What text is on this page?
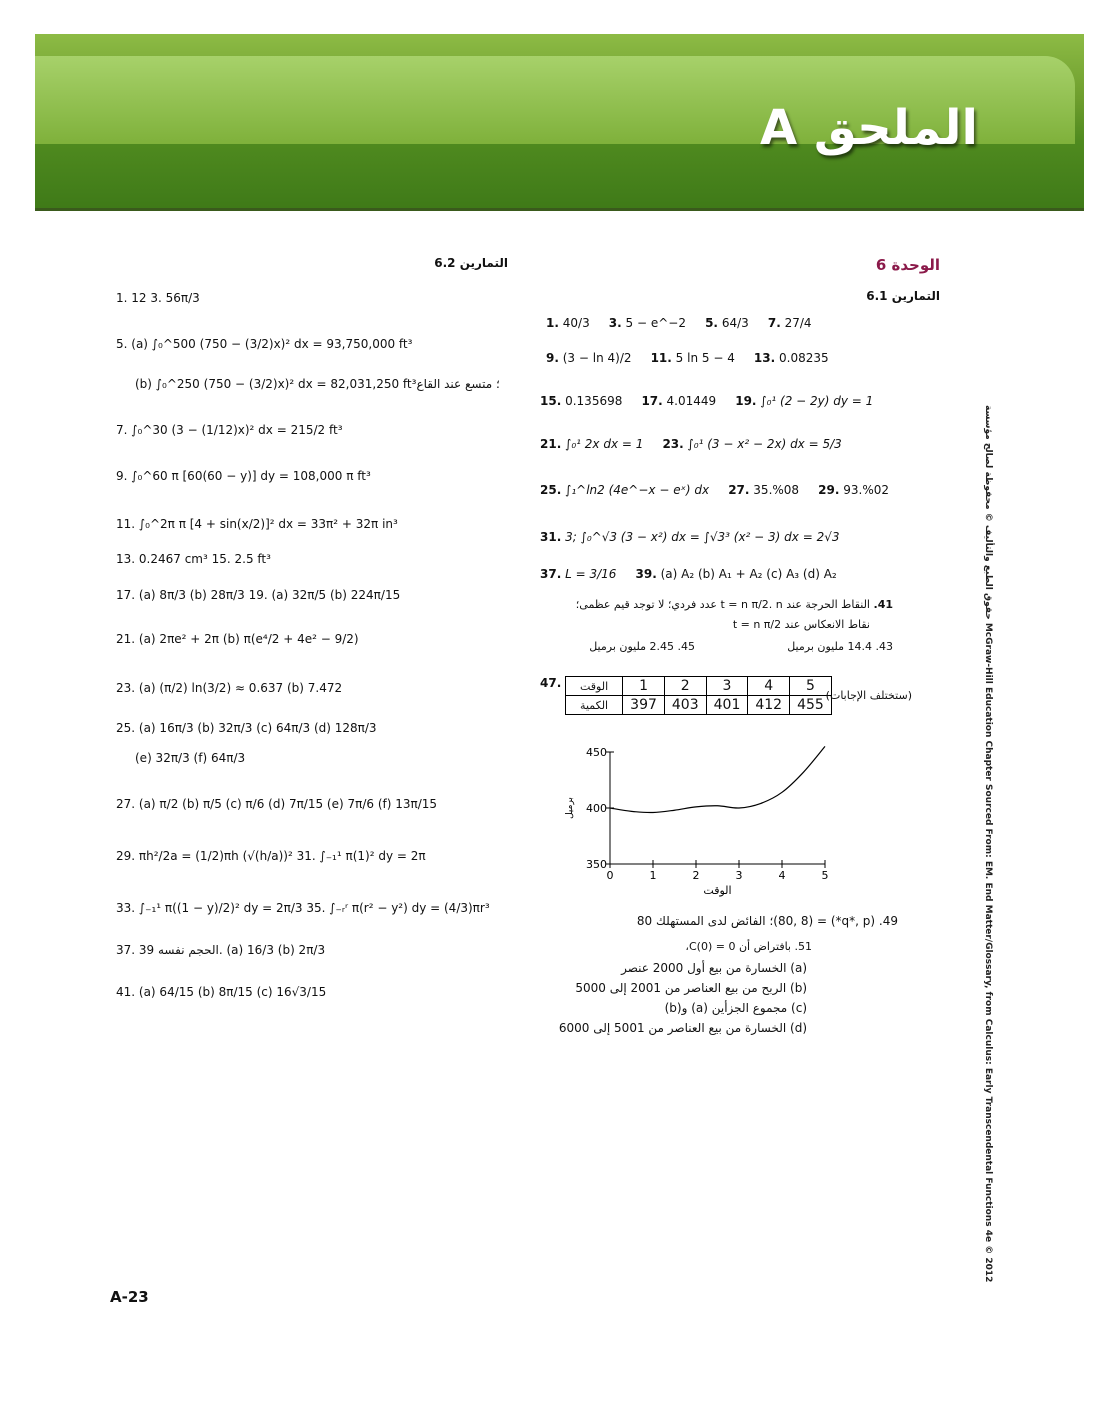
الملحق A
الوحدة 6
التمارين 6.1
1. 40/3 3. 5 − e^−2 5. 64/3 7. 27/4
9. (3 − ln 4)/2 11. 5 ln 5 − 4 13. 0.08235
15. 0.135698 17. 4.01449 19. ∫₀¹ (2 − 2y) dy = 1
21. ∫₀¹ 2x dx = 1 23. ∫₀¹ (3 − x² − 2x) dx = 5/3
25. ∫₁^ln2 (4e^−x − eˣ) dx 27. 35.%08 29. 93.%02
31. 3; ∫₀^√3 (3 − x²) dx = ∫√3³ (x² − 3) dx = 2√3
37. L = 3/16 39. (a) A₂ (b) A₁ + A₂ (c) A₃ (d) A₂
41. النقاط الحرجة عند t = n π/2. n عدد فردي؛ لا توجد قيم عظمى؛
نقاط الانعكاس عند t = n π/2
43. 14.4 مليون برميل
45. 2.45 مليون برميل
47. الوقت	1	2	3	4	5
الكمية	397	403	401	412	455
(ستختلف الإجابات)
0	1	2	3	4	5
350
400
450
الوقت
برميل
49. (q*, p*) = (80, 8)؛ الفائض لدى المستهلك 80
51. بافتراض أن C(0) = 0،
(a) الخسارة من بيع أول 2000 عنصر
(b) الربح من بيع العناصر من 2001 إلى 5000
(c) مجموع الجزأين (a) و(b)
(d) الخسارة من بيع العناصر من 5001 إلى 6000
التمارين 6.2
1. 12 3. 56π/3
5. (a) ∫₀^500 (750 − (3/2)x)² dx = 93,750,000 ft³
(b) ∫₀^250 (750 − (3/2)x)² dx = 82,031,250 ft³؛ متسع عند القاع
7. ∫₀^30 (3 − (1/12)x)² dx = 215/2 ft³
9. ∫₀^60 π [60(60 − y)] dy = 108,000 π ft³
11. ∫₀^2π π [4 + sin(x/2)]² dx = 33π² + 32π in³
13. 0.2467 cm³ 15. 2.5 ft³
17. (a) 8π/3 (b) 28π/3 19. (a) 32π/5 (b) 224π/15
21. (a) 2πe² + 2π (b) π(e⁴/2 + 4e² − 9/2)
23. (a) (π/2) ln(3/2) ≈ 0.637 (b) 7.472
25. (a) 16π/3 (b) 32π/3 (c) 64π/3 (d) 128π/3
(e) 32π/3 (f) 64π/3
27. (a) π/2 (b) π/5 (c) π/6 (d) 7π/15 (e) 7π/6 (f) 13π/15
29. πh²/2a = (1/2)πh (√(h/a))² 31. ∫₋₁¹ π(1)² dy = 2π
33. ∫₋₁¹ π((1 − y)/2)² dy = 2π/3 35. ∫₋ᵣʳ π(r² − y²) dy = (4/3)πr³
37. الحجم نفسه 39. (a) 16/3 (b) 2π/3
41. (a) 64/15 (b) 8π/15 (c) 16√3/15
حقوق الطبع والتأليف © محفوظة لصالح مؤسسة McGraw-Hill Education Chapter Sourced From: EM. End Matter/Glossary, from Calculus: Early Transcendental Functions 4e © 2012
A-23
